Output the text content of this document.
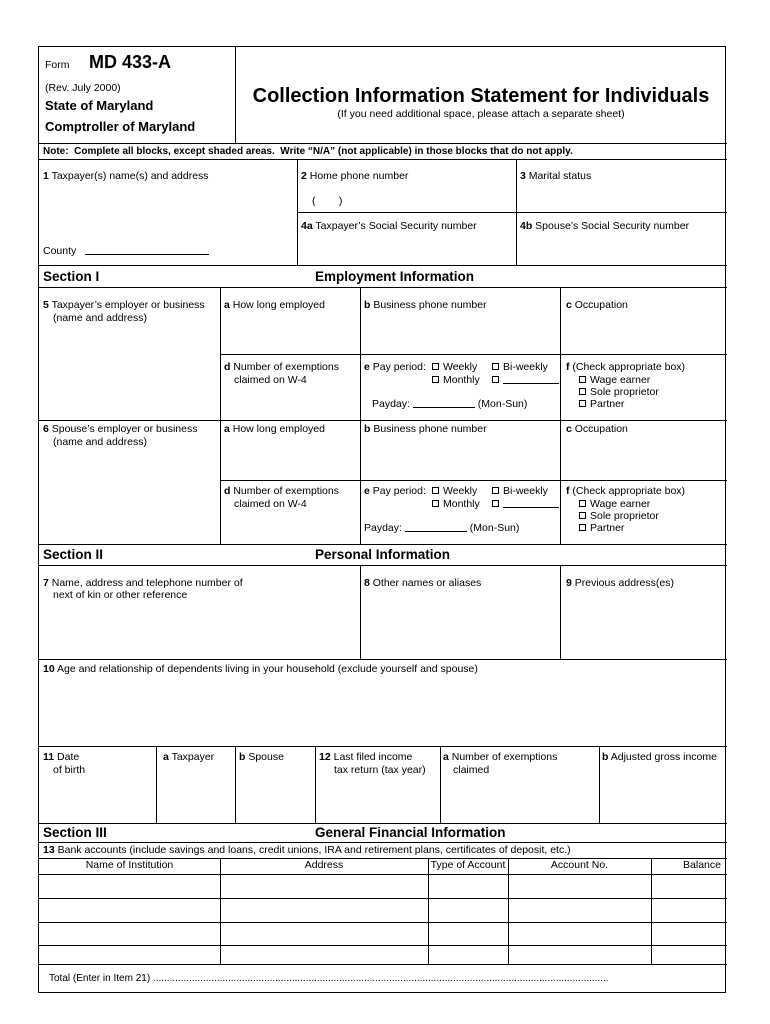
Form MD 433-A
(Rev. July 2000)
State of Maryland
Comptroller of Maryland
Collection Information Statement for Individuals
(If you need additional space, please attach a separate sheet)
Note:  Complete all blocks, except shaded areas.  Write “N/A” (not applicable) in those blocks that do not apply.
1 Taxpayer(s) name(s) and address	2 Home phone number
(        )
3 Marital status
4a Taxpayer’s Social Security number	4b Spouse’s Social Security number
County
Section I	Employment Information
5 Taxpayer’s employer or business
(name and address)
a How long employed	b Business phone number	c Occupation
d Number of exemptions
claimed on W-4
e Pay period:	Weekly	Bi-weekly
Monthly
Payday:	(Mon-Sun)
f (Check appropriate box)
Wage earner
Sole proprietor
Partner
6 Spouse’s employer or business
(name and address)
a How long employed	b Business phone number	c Occupation
d Number of exemptions
claimed on W-4
e Pay period:	Weekly	Bi-weekly
Monthly
Payday:	(Mon-Sun)
f (Check appropriate box)
Wage earner
Sole proprietor
Partner
Section II	Personal Information
7 Name, address and telephone number of
next of kin or other reference
8 Other names or aliases	9 Previous address(es)
10 Age and relationship of dependents living in your household (exclude yourself and spouse)
11 Date
of birth
a Taxpayer b Spouse	12 Last filed income
tax return (tax year)
a Number of exemptions
claimed
b Adjusted gross income
Section III	General Financial Information
13 Bank accounts (include savings and loans, credit unions, IRA and retirement plans, certificates of deposit, etc.)
Name of Institution	Address	Type of Account	Account No.	Balance
Total (Enter in Item 21) ....................................................................................................................................................................
